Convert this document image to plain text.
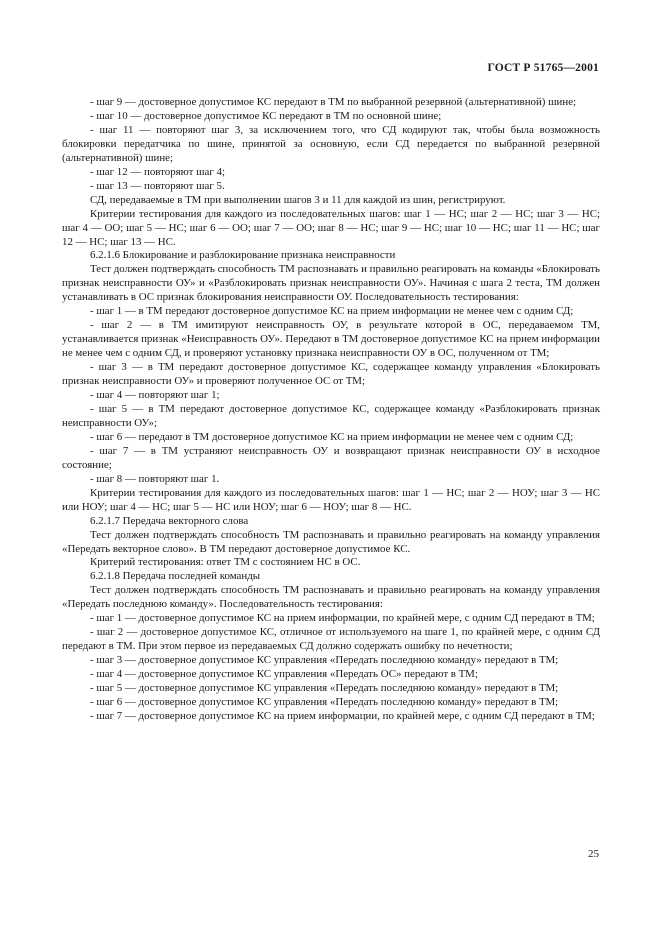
ГОСТ Р 51765—2001

- шаг 9 — достоверное допустимое КС передают в ТМ по выбранной резервной (альтернативной) шине;

- шаг 10 — достоверное допустимое КС передают в ТМ по основной шине;

- шаг 11 — повторяют шаг 3, за исключением того, что СД кодируют так, чтобы была возможность блокировки передатчика по шине, принятой за основную, если СД передается по выбранной резервной (альтернативной) шине;

- шаг 12 — повторяют шаг 4;

- шаг 13 — повторяют шаг 5.

СД, передаваемые в ТМ при выполнении шагов 3 и 11 для каждой из шин, регистрируют.

Критерии тестирования для каждого из последовательных шагов: шаг 1 — НС; шаг 2 — НС; шаг 3 — НС; шаг 4 — ОО; шаг 5 — НС; шаг 6 — ОО; шаг 7 — ОО; шаг 8 — НС; шаг 9 — НС; шаг 10 — НС; шаг 11 — НС; шаг 12 — НС; шаг 13 — НС.

6.2.1.6 Блокирование и разблокирование признака неисправности

Тест должен подтверждать способность ТМ распознавать и правильно реагировать на команды «Блокировать признак неисправности ОУ» и «Разблокировать признак неисправности ОУ». Начиная с шага 2 теста, ТМ должен устанавливать в ОС признак блокирования неисправности ОУ. Последовательность тестирования:

- шаг 1 — в ТМ передают достоверное допустимое КС на прием информации не менее чем с одним СД;

- шаг 2 — в ТМ имитируют неисправность ОУ, в результате которой в ОС, передаваемом ТМ, устанавливается признак «Неисправность ОУ». Передают в ТМ достоверное допустимое КС на прием информации не менее чем с одним СД, и проверяют установку признака неисправности ОУ в ОС, полученном от ТМ;

- шаг 3 — в ТМ передают достоверное допустимое КС, содержащее команду управления «Блокировать признак неисправности ОУ» и проверяют полученное ОС от ТМ;

- шаг 4 — повторяют шаг 1;

- шаг 5 — в ТМ передают достоверное допустимое КС, содержащее команду «Разблокировать признак неисправности ОУ»;

- шаг 6 — передают в ТМ достоверное допустимое КС на прием информации не менее чем с одним СД;

- шаг 7 — в ТМ устраняют неисправность ОУ и возвращают признак неисправности ОУ в исходное состояние;

- шаг 8 — повторяют шаг 1.

Критерии тестирования для каждого из последовательных шагов: шаг 1 — НС; шаг 2 — НОУ; шаг 3 — НС или НОУ; шаг 4 — НС; шаг 5 — НС или НОУ; шаг 6 — НОУ; шаг 8 — НС.

6.2.1.7 Передача векторного слова

Тест должен подтверждать способность ТМ распознавать и правильно реагировать на команду управления «Передать векторное слово». В ТМ передают достоверное допустимое КС.

Критерий тестирования: ответ ТМ с состоянием НС в ОС.

6.2.1.8 Передача последней команды

Тест должен подтверждать способность ТМ распознавать и правильно реагировать на команду управления «Передать последнюю команду». Последовательность тестирования:

- шаг 1 — достоверное допустимое КС на прием информации, по крайней мере, с одним СД передают в ТМ;

- шаг 2 — достоверное допустимое КС, отличное от используемого на шаге 1, по крайней мере, с одним СД передают в ТМ. При этом первое из передаваемых СД должно содержать ошибку по нечетности;

- шаг 3 — достоверное допустимое КС управления «Передать последнюю команду» передают в ТМ;

- шаг 4 — достоверное допустимое КС управления «Передать ОС» передают в ТМ;

- шаг 5 — достоверное допустимое КС управления «Передать последнюю команду» передают в ТМ;

- шаг 6 — достоверное допустимое КС управления «Передать последнюю команду» передают в ТМ;

- шаг 7 — достоверное допустимое КС на прием информации, по крайней мере, с одним СД передают в ТМ;

25
